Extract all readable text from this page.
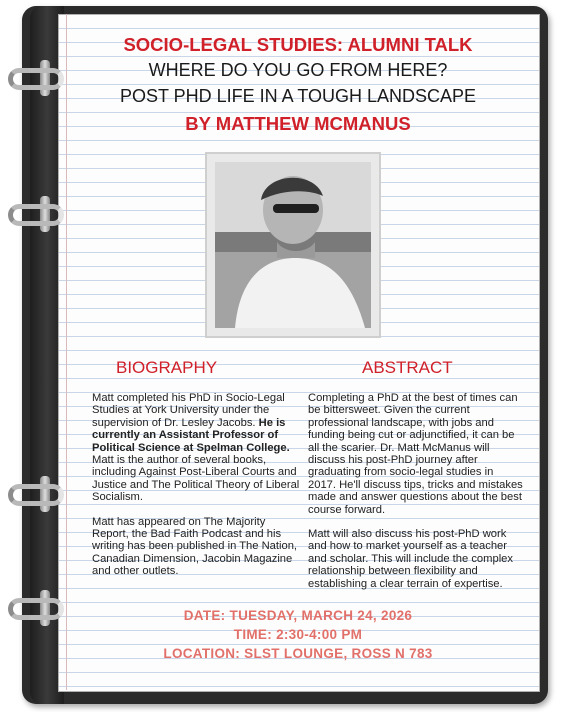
SOCIO-LEGAL STUDIES: ALUMNI TALK
WHERE DO YOU GO FROM HERE?
POST PHD LIFE IN A TOUGH LANDSCAPE
BY MATTHEW MCMANUS
BIOGRAPHY	ABSTRACT

Matt completed his PhD in Socio-Legal Studies at York University under the supervision of Dr. Lesley Jacobs. He is currently an Assistant Professor of Political Science at Spelman College. Matt is the author of several books, including Against Post-Liberal Courts and Justice and The Political Theory of Liberal Socialism.

Matt has appeared on The Majority Report, the Bad Faith Podcast and his writing has been published in The Nation, Canadian Dimension, Jacobin Magazine and other outlets.

Completing a PhD at the best of times can be bittersweet. Given the current professional landscape, with jobs and funding being cut or adjunctified, it can be all the scarier. Dr. Matt McManus will discuss his post-PhD journey after graduating from socio-legal studies in 2017. He'll discuss tips, tricks and mistakes made and answer questions about the best course forward.

Matt will also discuss his post-PhD work and how to market yourself as a teacher and scholar. This will include the complex relationship between flexibility and establishing a clear terrain of expertise.

DATE: TUESDAY, MARCH 24, 2026
TIME: 2:30-4:00 PM
LOCATION: SLST LOUNGE, ROSS N 783
